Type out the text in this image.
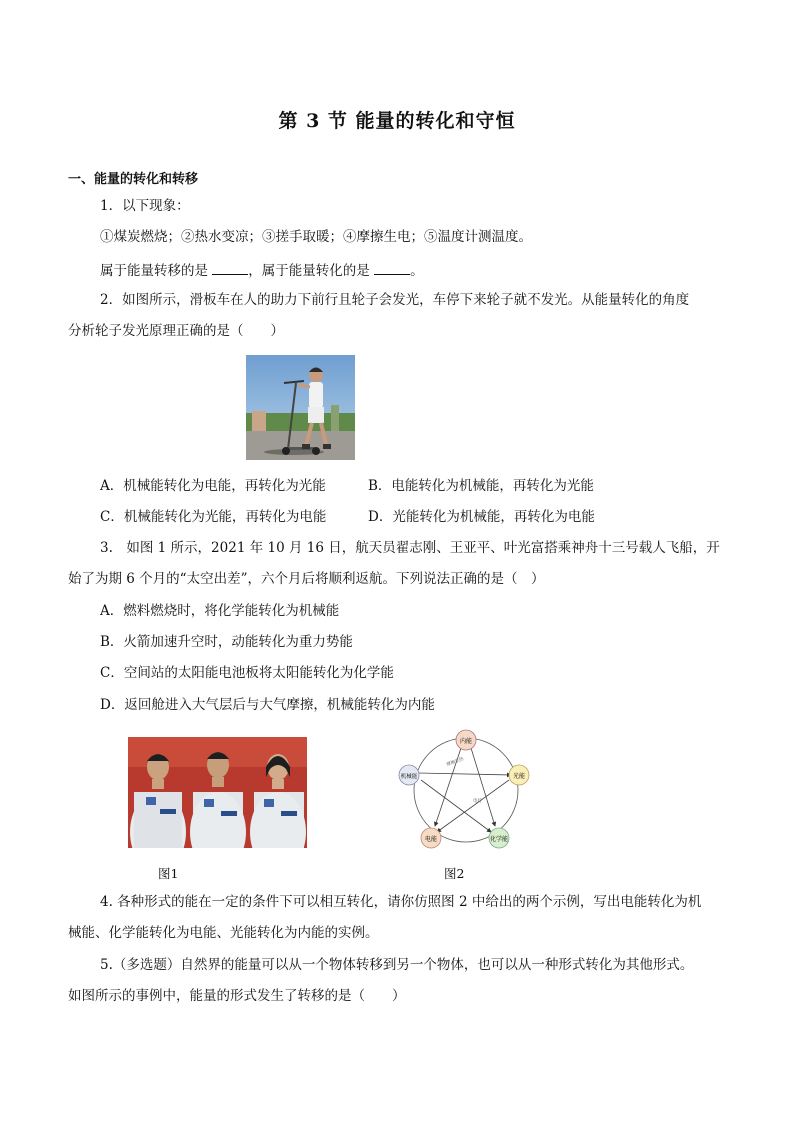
第 3 节 能量的转化和守恒
一、能量的转化和转移
1．以下现象：
①煤炭燃烧；②热水变凉；③搓手取暖；④摩擦生电；⑤温度计测温度。
属于能量转移的是	，属于能量转化的是	。
2．如图所示，滑板车在人的助力下前行且轮子会发光，车停下来轮子就不发光。从能量转化的角度
分析轮子发光原理正确的是（　　）
A．机械能转化为电能，再转化为光能	B．电能转化为机械能，再转化为光能
C．机械能转化为光能，再转化为电能	D．光能转化为机械能，再转化为电能
3.　如图 1 所示，2021 年 10 月 16 日，航天员翟志刚、王亚平、叶光富搭乘神舟十三号载人飞船，开
始了为期 6 个月的“太空出差”，六个月后将顺利返航。下列说法正确的是（　）
A．燃料燃烧时，将化学能转化为机械能
B．火箭加速升空时，动能转化为重力势能
C．空间站的太阳能电池板将太阳能转化为化学能
D．返回舱进入大气层后与大气摩擦，机械能转化为内能
图1
内能
光能
化学能
电能
机械能
摩擦生热
电灯
图2
4. 各种形式的能在一定的条件下可以相互转化，请你仿照图 2 中给出的两个示例，写出电能转化为机
械能、化学能转化为电能、光能转化为内能的实例。
5.（多选题）自然界的能量可以从一个物体转移到另一个物体，也可以从一种形式转化为其他形式。
如图所示的事例中，能量的形式发生了转移的是（　　）
